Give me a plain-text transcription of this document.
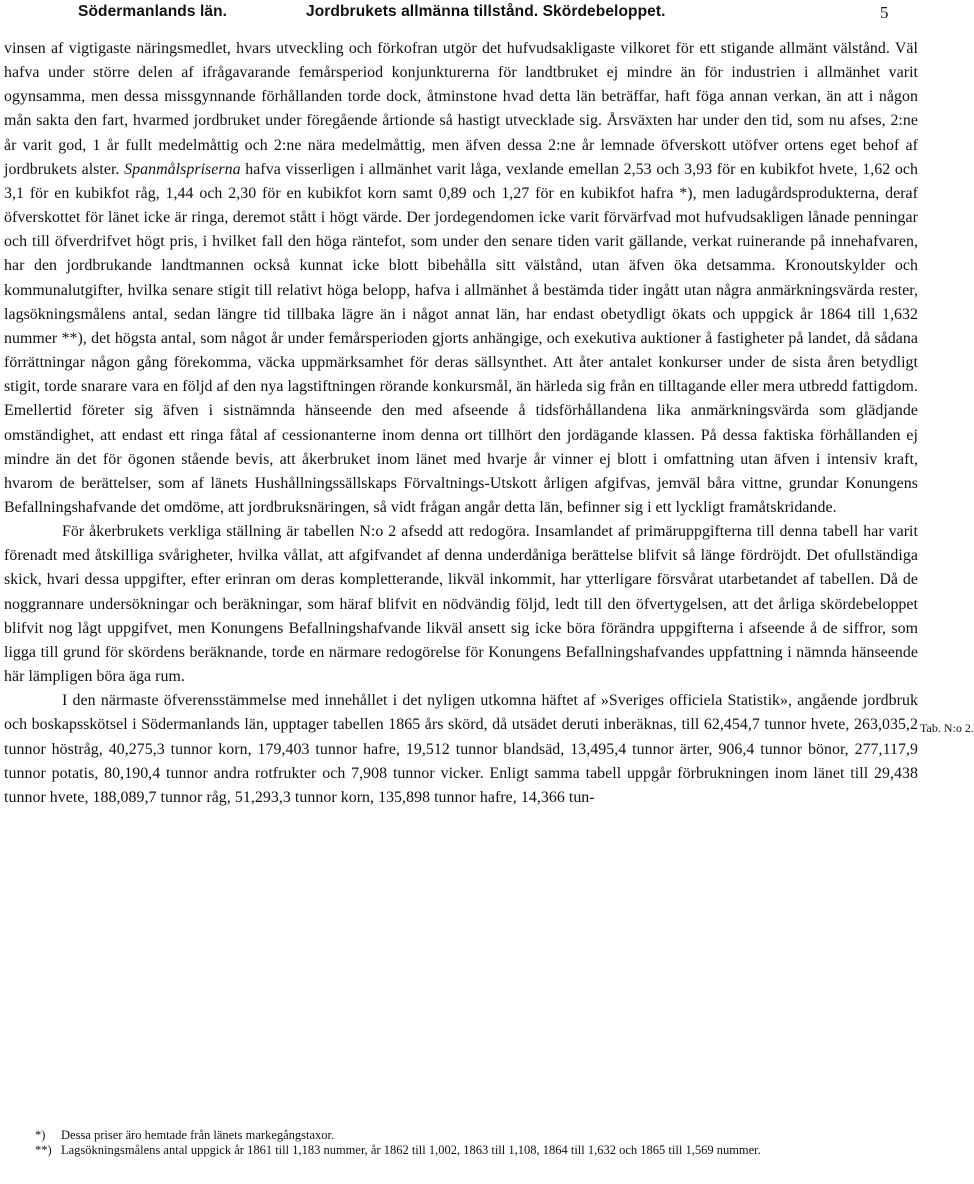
Södermanlands län.	Jordbrukets allmänna tillstånd. Skördebeloppet.	5

vinsen af vigtigaste näringsmedlet, hvars utveckling och förkofran utgör det hufvudsakligaste vilkoret för ett stigande allmänt välstånd. Väl hafva under större delen af ifrågavarande femårsperiod konjunkturerna för landtbruket ej mindre än för industrien i allmänhet varit ogynsamma, men dessa missgynnande förhållanden torde dock, åtminstone hvad detta län beträffar, haft föga annan verkan, än att i någon mån sakta den fart, hvarmed jordbruket under föregående årtionde så hastigt utvecklade sig. Årsväxten har under den tid, som nu afses, 2:ne år varit god, 1 år fullt medelmåttig och 2:ne nära medelmåttig, men äfven dessa 2:ne år lemnade öfverskott utöfver ortens eget behof af jordbrukets alster. Spanmålspriserna hafva visserligen i allmänhet varit låga, vexlande emellan 2,53 och 3,93 för en kubikfot hvete, 1,62 och 3,1 för en kubikfot råg, 1,44 och 2,30 för en kubikfot korn samt 0,89 och 1,27 för en kubikfot hafra *), men ladugårdsprodukterna, deraf öfverskottet för länet icke är ringa, deremot stått i högt värde. Der jordegendomen icke varit förvärfvad mot hufvudsakligen lånade penningar och till öfverdrifvet högt pris, i hvilket fall den höga räntefot, som under den senare tiden varit gällande, verkat ruinerande på innehafvaren, har den jordbrukande landtmannen också kunnat icke blott bibehålla sitt välstånd, utan äfven öka detsamma. Kronoutskylder och kommunalutgifter, hvilka senare stigit till relativt höga belopp, hafva i allmänhet å bestämda tider ingått utan några anmärkningsvärda rester, lagsökningsmålens antal, sedan längre tid tillbaka lägre än i något annat län, har endast obetydligt ökats och uppgick år 1864 till 1,632 nummer **), det högsta antal, som något år under femårsperioden gjorts anhängige, och exekutiva auktioner å fastigheter på landet, då sådana förrättningar någon gång förekomma, väcka uppmärksamhet för deras sällsynthet. Att åter antalet konkurser under de sista åren betydligt stigit, torde snarare vara en följd af den nya lagstiftningen rörande konkursmål, än härleda sig från en tilltagande eller mera utbredd fattigdom. Emellertid företer sig äfven i sistnämnda hänseende den med afseende å tidsförhållandena lika anmärkningsvärda som glädjande omständighet, att endast ett ringa fåtal af cessionanterne inom denna ort tillhört den jordägande klassen. På dessa faktiska förhållanden ej mindre än det för ögonen stående bevis, att åkerbruket inom länet med hvarje år vinner ej blott i omfattning utan äfven i intensiv kraft, hvarom de berättelser, som af länets Hushållningssällskaps Förvaltnings-Utskott årligen afgifvas, jemväl båra vittne, grundar Konungens Befallningshafvande det omdöme, att jordbruksnäringen, så vidt frågan angår detta län, befinner sig i ett lyckligt framåtskridande.

För åkerbrukets verkliga ställning är tabellen N:o 2 afsedd att redogöra. Insamlandet af primäruppgifterna till denna tabell har varit förenadt med åtskilliga svårigheter, hvilka vållat, att afgifvandet af denna underdåniga berättelse blifvit så länge fördröjdt. Det ofullständiga skick, hvari dessa uppgifter, efter erinran om deras kompletterande, likväl inkommit, har ytterligare försvårat utarbetandet af tabellen. Då de noggrannare undersökningar och beräkningar, som häraf blifvit en nödvändig följd, ledt till den öfvertygelsen, att det årliga skördebeloppet blifvit nog lågt uppgifvet, men Konungens Befallningshafvande likväl ansett sig icke böra förändra uppgifterna i afseende å de siffror, som ligga till grund för skördens beräknande, torde en närmare redogörelse för Konungens Befallningshafvandes uppfattning i nämnda hänseende här lämpligen böra äga rum.

I den närmaste öfverensstämmelse med innehållet i det nyligen utkomna häftet af »Sveriges officiela Statistik», angående jordbruk och boskapsskötsel i Södermanlands län, upptager tabellen 1865 års skörd, då utsädet deruti inberäknas, till 62,454,7 tunnor hvete, 263,035,2 tunnor höstråg, 40,275,3 tunnor korn, 179,403 tunnor hafre, 19,512 tunnor blandsäd, 13,495,4 tunnor ärter, 906,4 tunnor bönor, 277,117,9 tunnor potatis, 80,190,4 tunnor andra rotfrukter och 7,908 tunnor vicker. Enligt samma tabell uppgår förbrukningen inom länet till 29,438 tunnor hvete, 188,089,7 tunnor råg, 51,293,3 tunnor korn, 135,898 tunnor hafre, 14,366 tun-

Tab. N:o 2.

*) Dessa priser äro hemtade från länets markegångstaxor.

**) Lagsökningsmålens antal uppgick år 1861 till 1,183 nummer, år 1862 till 1,002, 1863 till 1,108, 1864 till 1,632 och 1865 till 1,569 nummer.
